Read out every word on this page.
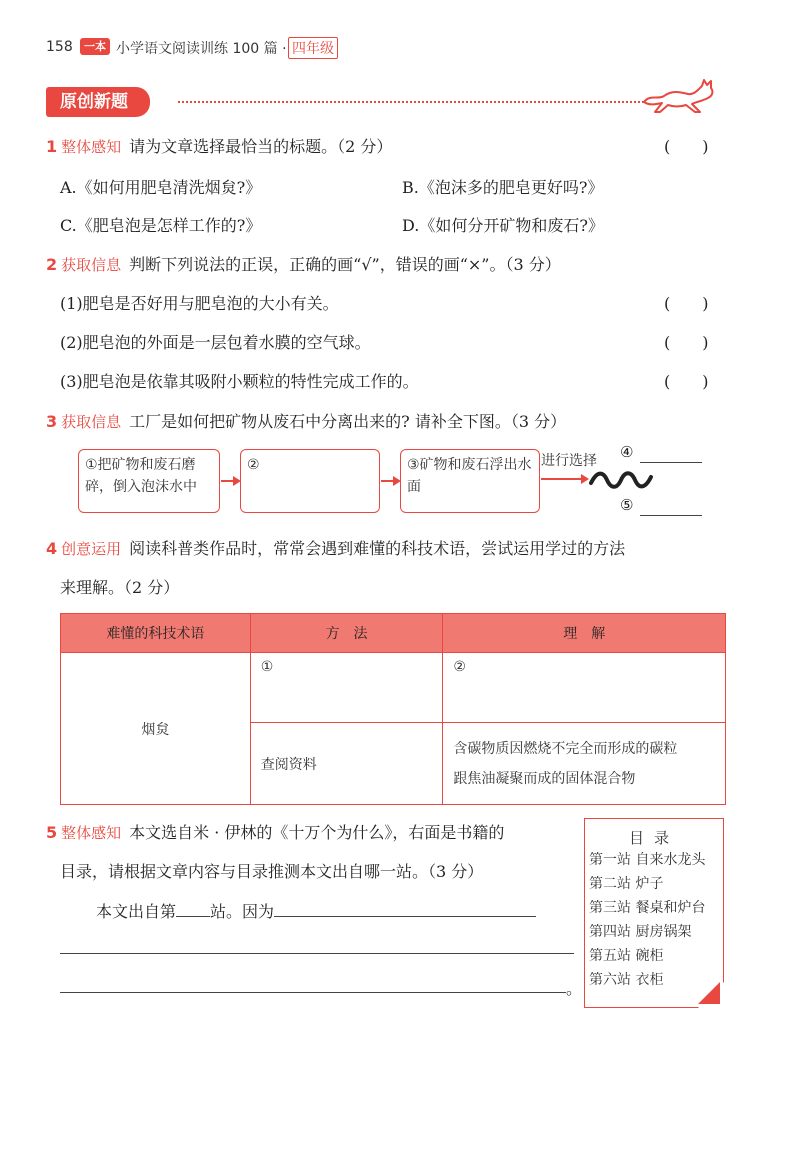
158	一本 小学语文阅读训练 100 篇 · 四年级
原创新题
1 整体感知 请为文章选择最恰当的标题。（2 分）	(　　)
A.《如何用肥皂清洗烟炱?》	B.《泡沫多的肥皂更好吗?》
C.《肥皂泡是怎样工作的?》	D.《如何分开矿物和废石?》
2 获取信息 判断下列说法的正误，正确的画“√”，错误的画“×”。（3 分）
(1)肥皂是否好用与肥皂泡的大小有关。	(　　)
(2)肥皂泡的外面是一层包着水膜的空气球。	(　　)
(3)肥皂泡是依靠其吸附小颗粒的特性完成工作的。	(　　)
3 获取信息 工厂是如何把矿物从废石中分离出来的? 请补全下图。（3 分）
①把矿物和废石磨碎，倒入泡沫水中
②	③矿物和废石浮出水面
进行选择 ④
⑤
4 创意运用 阅读科普类作品时，常常会遇到难懂的科技术语，尝试运用学过的方法
来理解。（2 分）
难懂的科技术语	方　法	理　解
烟炱	①	②
	查阅资料	含碳物质因燃烧不完全而形成的碳粒
跟焦油凝聚而成的固体混合物
5 整体感知 本文选自米 · 伊林的《十万个为什么》，右面是书籍的
目录，请根据文章内容与目录推测本文出自哪一站。（3 分）
本文出自第 站。因为
。
目录
第一站 自来水龙头
第二站 炉子
第三站 餐桌和炉台
第四站 厨房锅架
第五站 碗柜
第六站 衣柜
